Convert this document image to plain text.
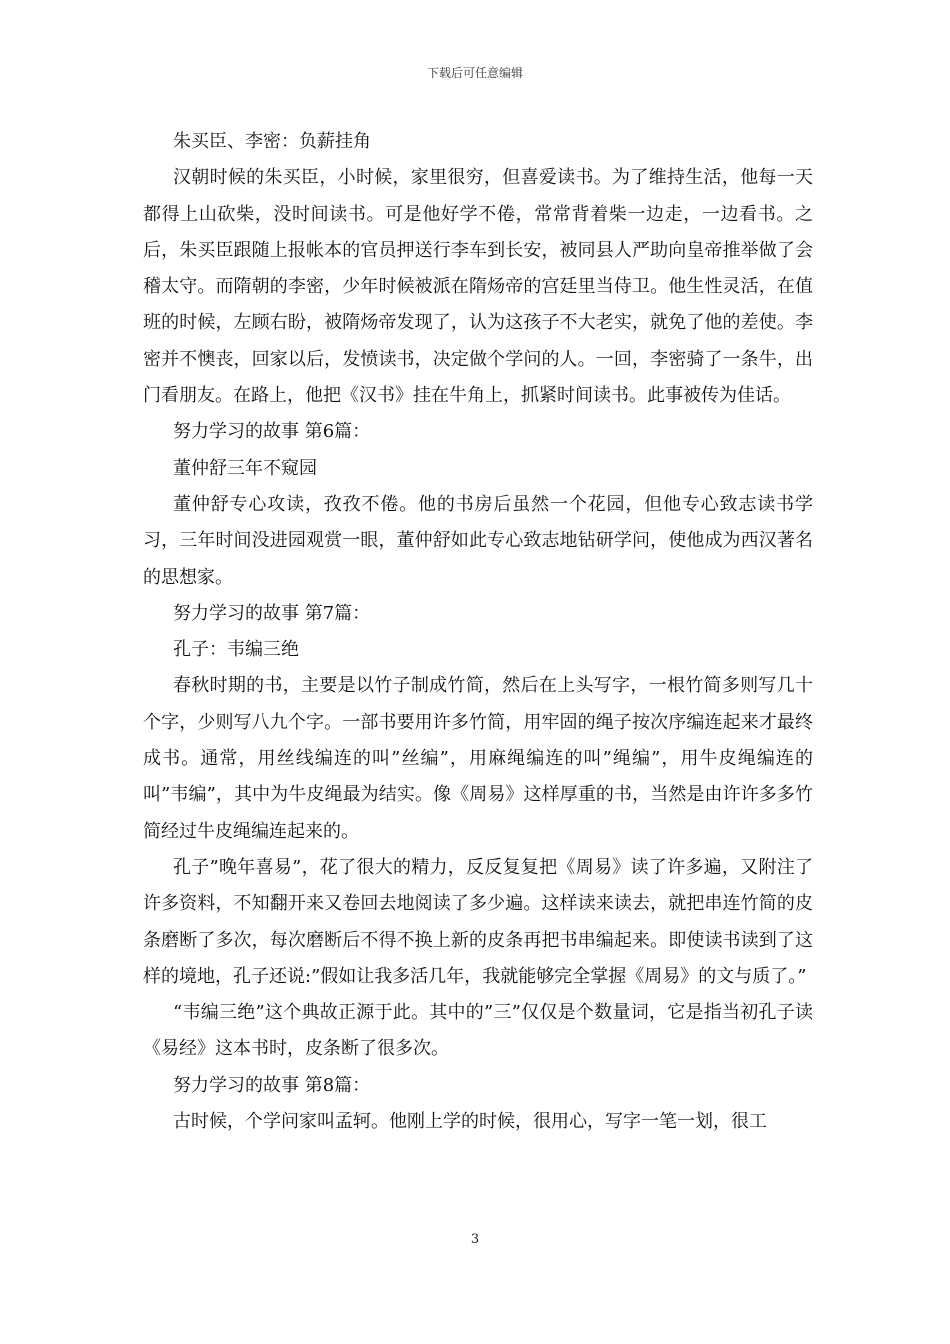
下载后可任意编辑

朱买臣、李密：负薪挂角

汉朝时候的朱买臣，小时候，家里很穷，但喜爱读书。为了维持生活，他每一天都得上山砍柴，没时间读书。可是他好学不倦，常常背着柴一边走，一边看书。之后，朱买臣跟随上报帐本的官员押送行李车到长安，被同县人严助向皇帝推举做了会稽太守。而隋朝的李密，少年时候被派在隋炀帝的宫廷里当侍卫。他生性灵活，在值班的时候，左顾右盼，被隋炀帝发现了，认为这孩子不大老实，就免了他的差使。李密并不懊丧，回家以后，发愤读书，决定做个学问的人。一回，李密骑了一条牛，出门看朋友。在路上，他把《汉书》挂在牛角上，抓紧时间读书。此事被传为佳话。

努力学习的故事 第6篇：

董仲舒三年不窥园

董仲舒专心攻读，孜孜不倦。他的书房后虽然一个花园，但他专心致志读书学习，三年时间没进园观赏一眼，董仲舒如此专心致志地钻研学问，使他成为西汉著名的思想家。

努力学习的故事 第7篇：

孔子：韦编三绝

春秋时期的书，主要是以竹子制成竹简，然后在上头写字，一根竹简多则写几十个字，少则写八九个字。一部书要用许多竹简，用牢固的绳子按次序编连起来才最终成书。通常，用丝线编连的叫”丝编”，用麻绳编连的叫”绳编”，用牛皮绳编连的叫”韦编”，其中为牛皮绳最为结实。像《周易》这样厚重的书，当然是由许许多多竹简经过牛皮绳编连起来的。

孔子”晚年喜易”，花了很大的精力，反反复复把《周易》读了许多遍，又附注了许多资料，不知翻开来又卷回去地阅读了多少遍。这样读来读去，就把串连竹简的皮条磨断了多次，每次磨断后不得不换上新的皮条再把书串编起来。即使读书读到了这样的境地，孔子还说:”假如让我多活几年，我就能够完全掌握《周易》的文与质了。”

“韦编三绝”这个典故正源于此。其中的”三”仅仅是个数量词，它是指当初孔子读《易经》这本书时，皮条断了很多次。

努力学习的故事 第8篇：

古时候，个学问家叫孟轲。他刚上学的时候，很用心，写字一笔一划，很工

3
